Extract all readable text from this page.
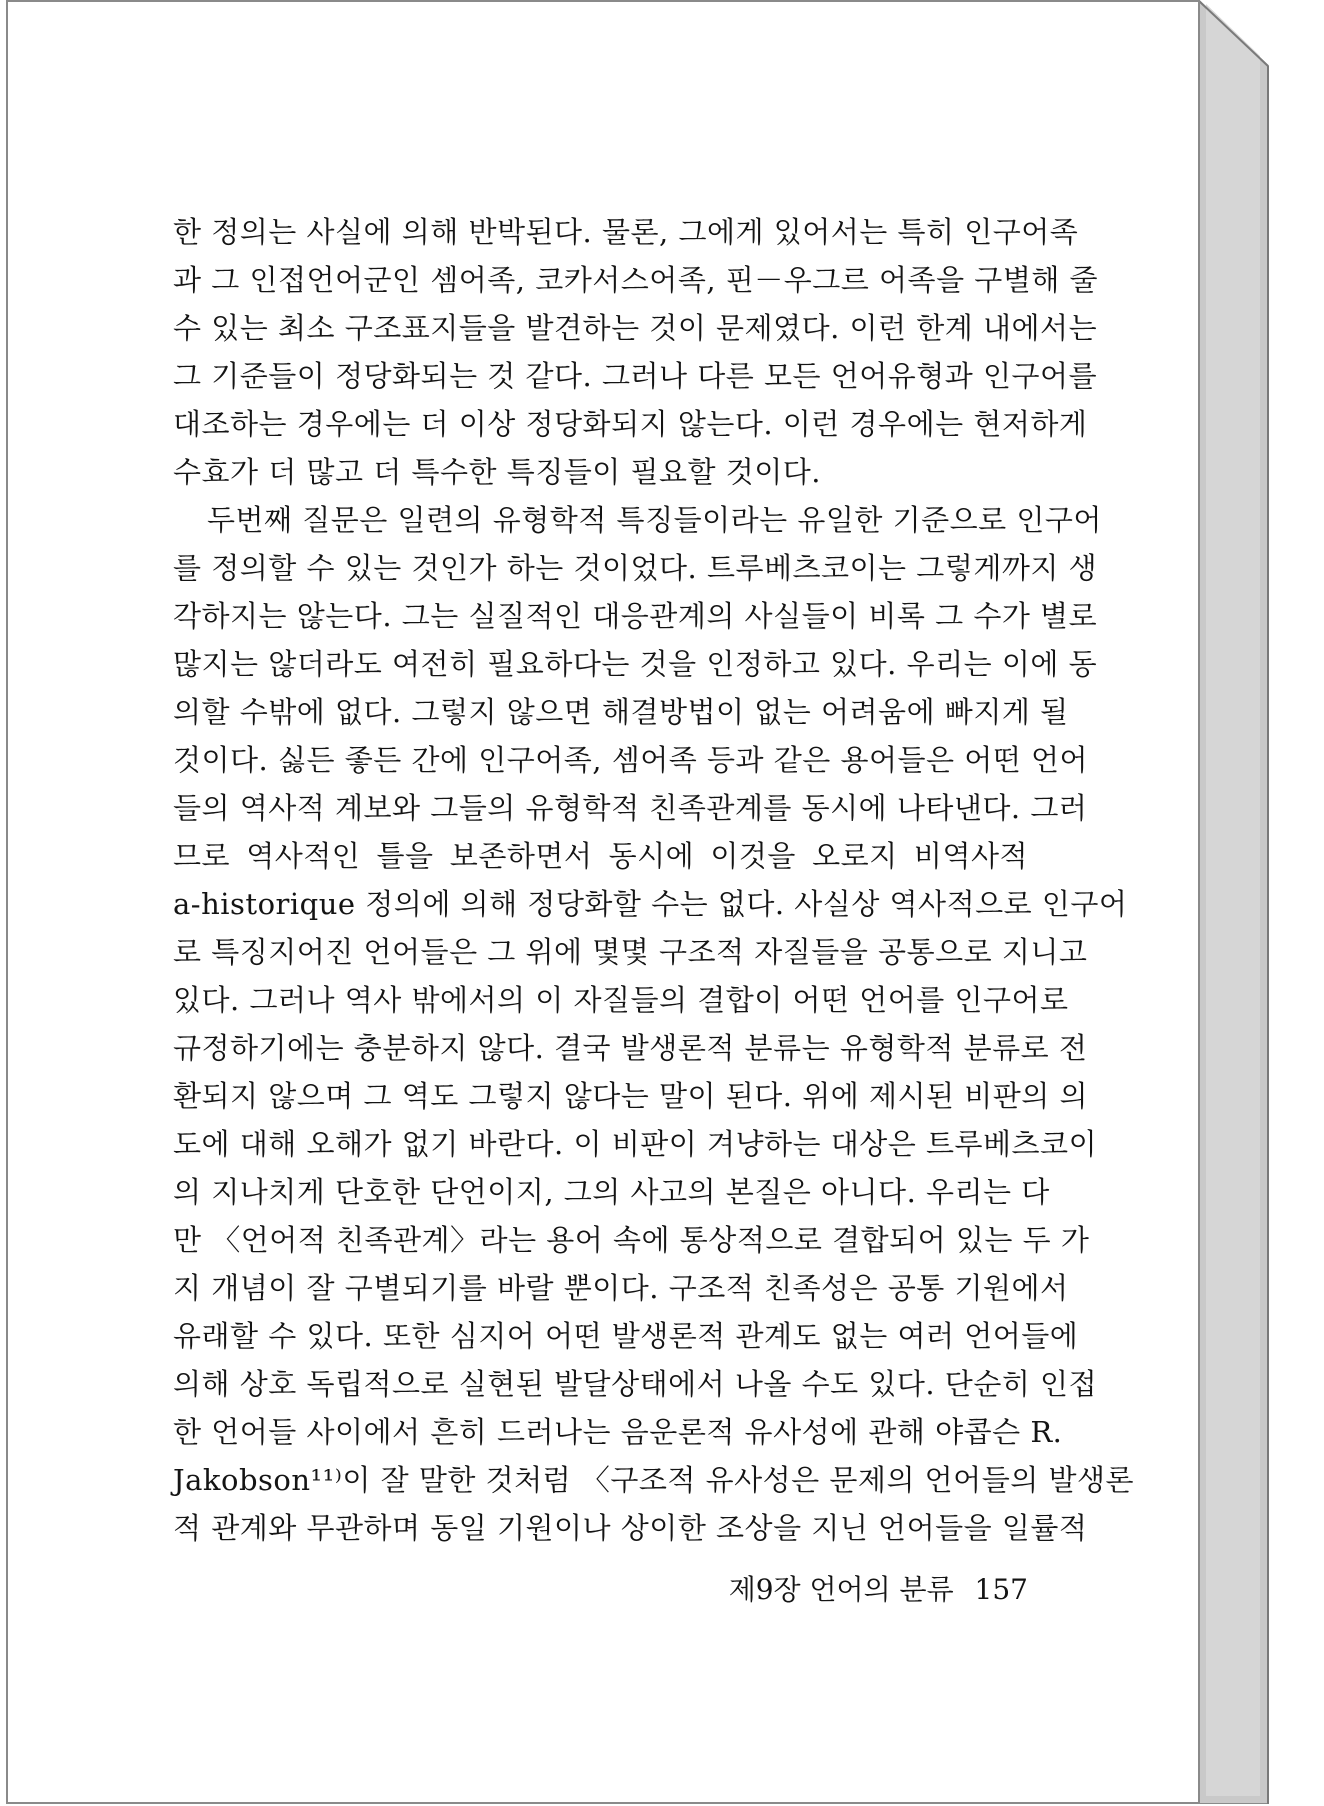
한 정의는 사실에 의해 반박된다. 물론, 그에게 있어서는 특히 인구어족
과 그 인접언어군인 셈어족, 코카서스어족, 핀－우그르 어족을 구별해 줄
수 있는 최소 구조표지들을 발견하는 것이 문제였다. 이런 한계 내에서는
그 기준들이 정당화되는 것 같다. 그러나 다른 모든 언어유형과 인구어를
대조하는 경우에는 더 이상 정당화되지 않는다. 이런 경우에는 현저하게
수효가 더 많고 더 특수한 특징들이 필요할 것이다.
두번째 질문은 일련의 유형학적 특징들이라는 유일한 기준으로 인구어
를 정의할 수 있는 것인가 하는 것이었다. 트루베츠코이는 그렇게까지 생
각하지는 않는다. 그는 실질적인 대응관계의 사실들이 비록 그 수가 별로
많지는 않더라도 여전히 필요하다는 것을 인정하고 있다. 우리는 이에 동
의할 수밖에 없다. 그렇지 않으면 해결방법이 없는 어려움에 빠지게 될
것이다. 싫든 좋든 간에 인구어족, 셈어족 등과 같은 용어들은 어떤 언어
들의 역사적 계보와 그들의 유형학적 친족관계를 동시에 나타낸다. 그러
므로 역사적인 틀을 보존하면서 동시에 이것을 오로지 비역사적
a-historique 정의에 의해 정당화할 수는 없다. 사실상 역사적으로 인구어
로 특징지어진 언어들은 그 위에 몇몇 구조적 자질들을 공통으로 지니고
있다. 그러나 역사 밖에서의 이 자질들의 결합이 어떤 언어를 인구어로
규정하기에는 충분하지 않다. 결국 발생론적 분류는 유형학적 분류로 전
환되지 않으며 그 역도 그렇지 않다는 말이 된다. 위에 제시된 비판의 의
도에 대해 오해가 없기 바란다. 이 비판이 겨냥하는 대상은 트루베츠코이
의 지나치게 단호한 단언이지, 그의 사고의 본질은 아니다. 우리는 다
만 〈언어적 친족관계〉라는 용어 속에 통상적으로 결합되어 있는 두 가
지 개념이 잘 구별되기를 바랄 뿐이다. 구조적 친족성은 공통 기원에서
유래할 수 있다. 또한 심지어 어떤 발생론적 관계도 없는 여러 언어들에
의해 상호 독립적으로 실현된 발달상태에서 나올 수도 있다. 단순히 인접
한 언어들 사이에서 흔히 드러나는 음운론적 유사성에 관해 야콥슨 R.
Jakobson¹¹⁾이 잘 말한 것처럼 〈구조적 유사성은 문제의 언어들의 발생론
적 관계와 무관하며 동일 기원이나 상이한 조상을 지닌 언어들을 일률적
제9장 언어의 분류 157
